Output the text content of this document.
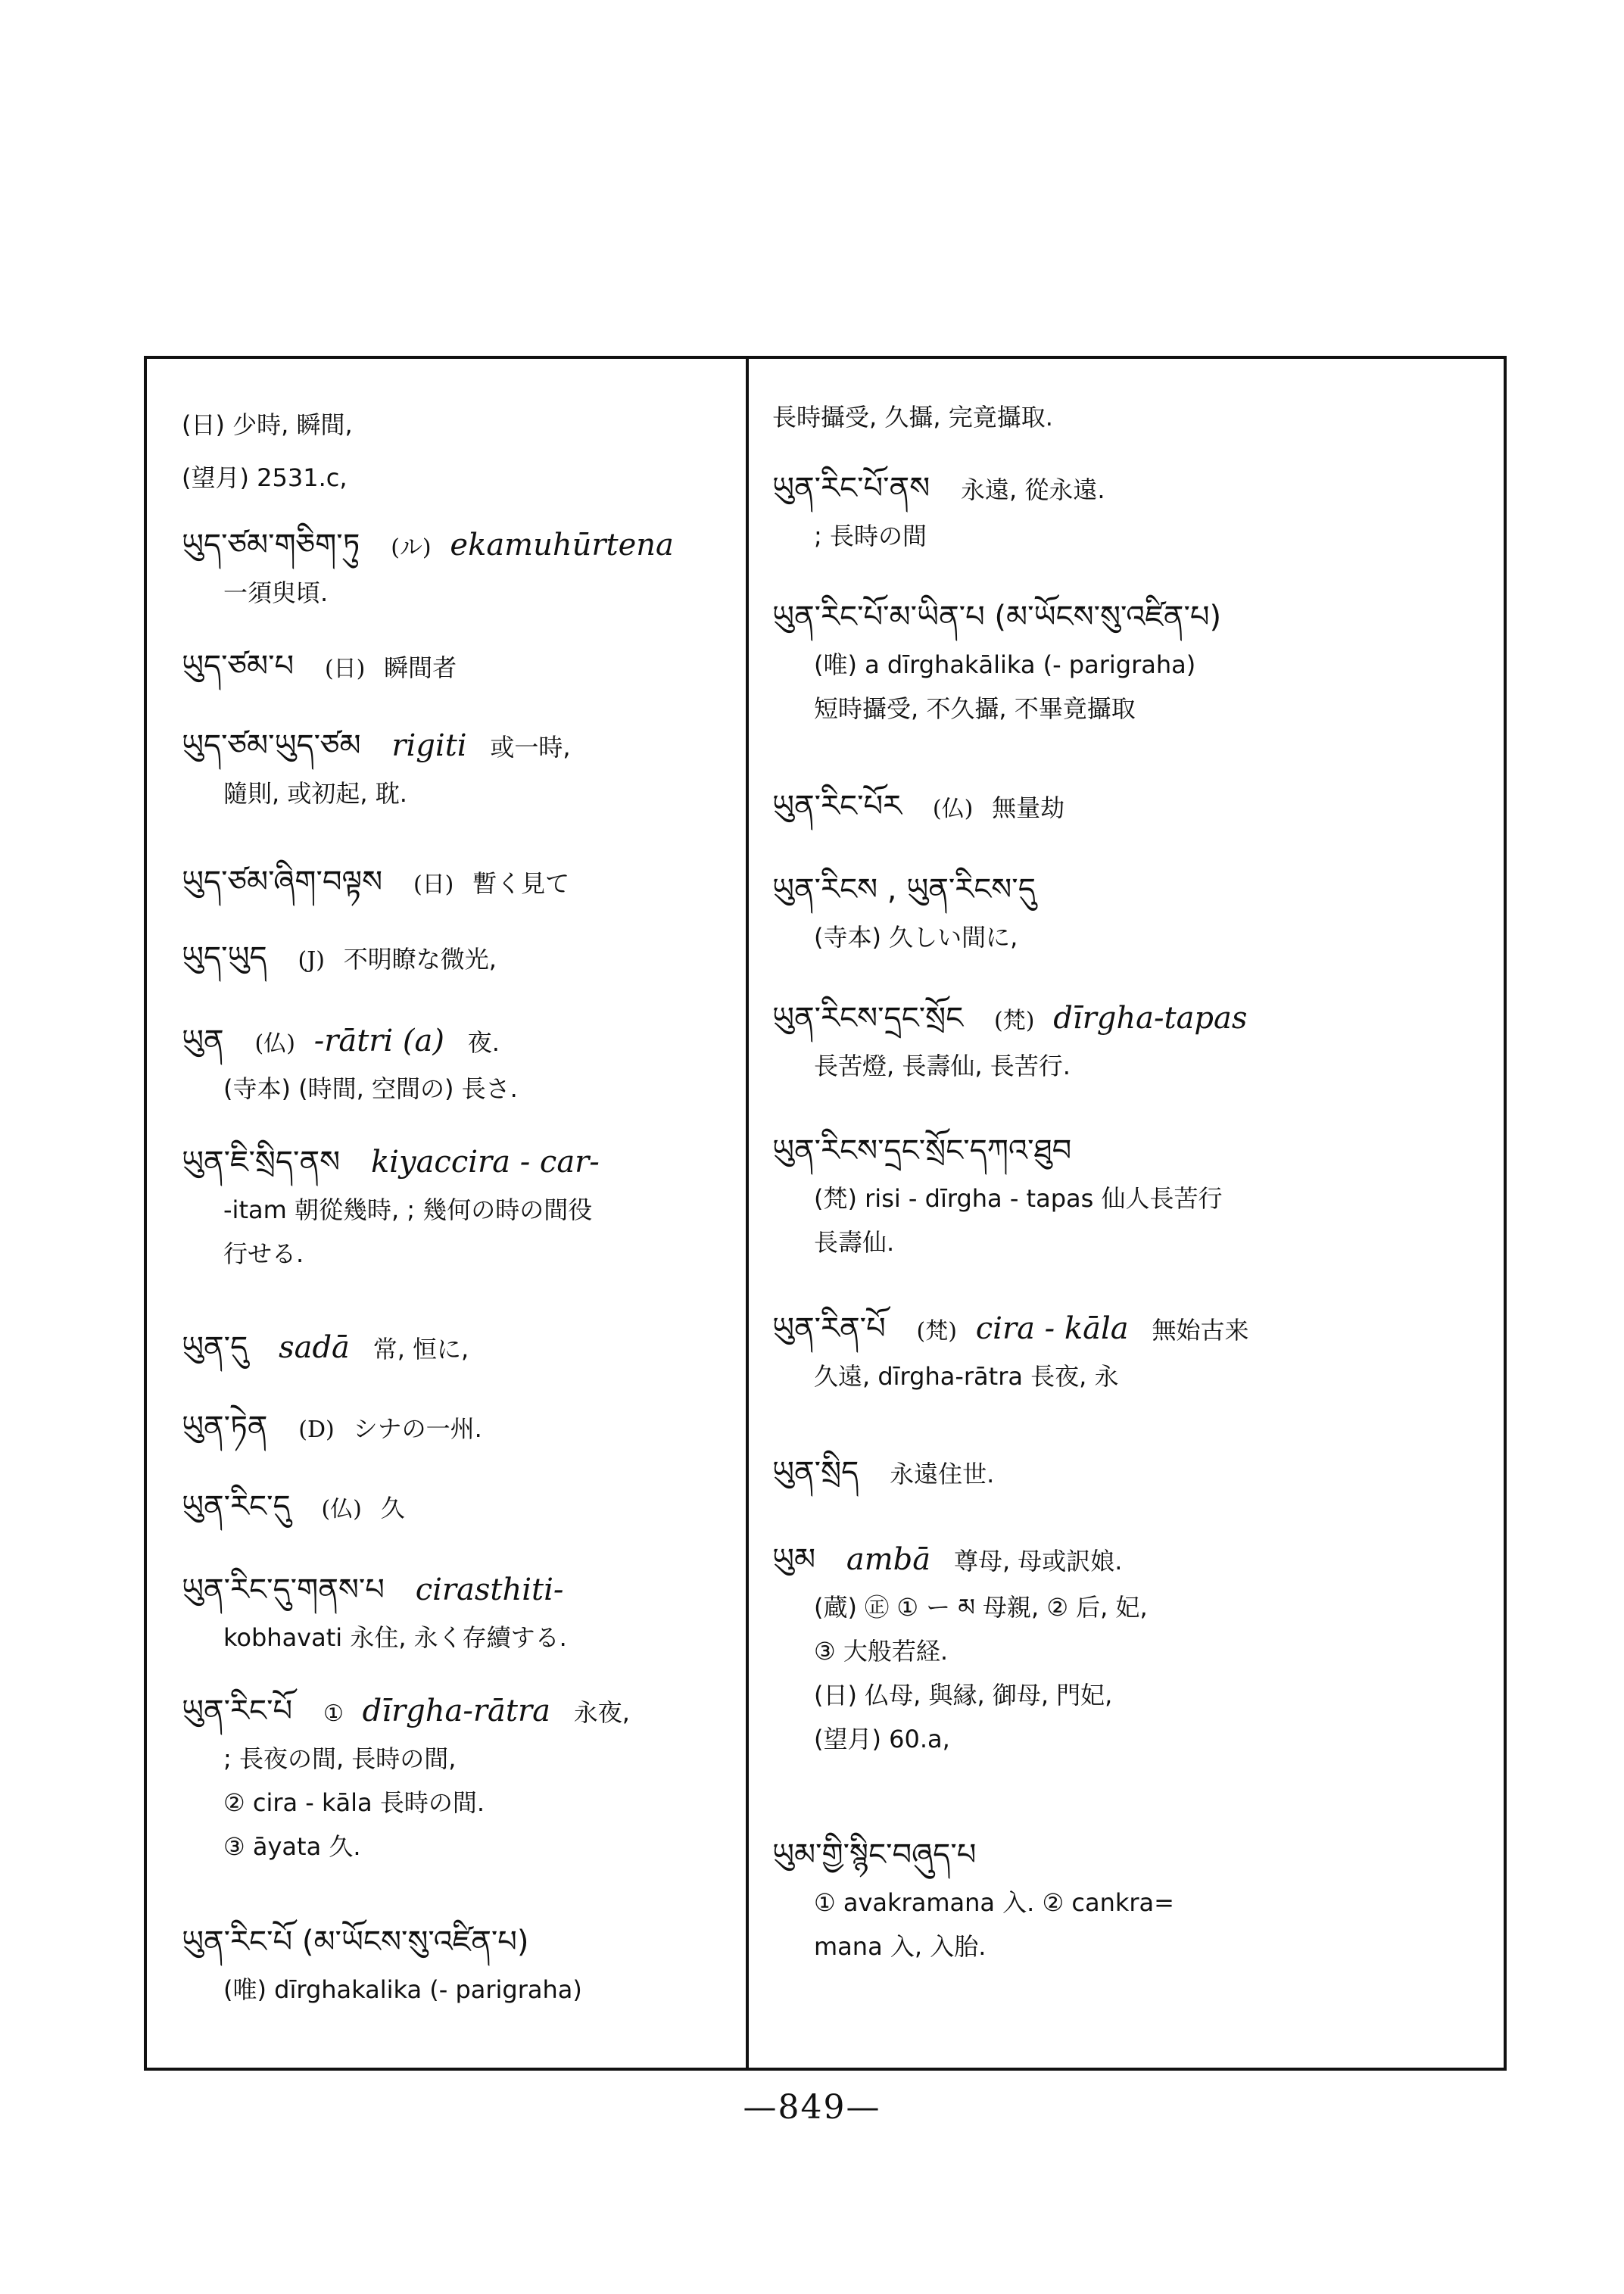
(日) 少時, 瞬間,
(望月) 2531.c,
ཡུད་ཙམ་གཅིག་ཏུ (ル) ekamuhūrtena
一須臾頃.
ཡུད་ཙམ་པ (日) 瞬間者
ཡུད་ཙམ་ཡུད་ཙམ rigiti 或一時,
隨則, 或初起, 耽.
ཡུད་ཙམ་ཞིག་བལྟས (日) 暫く見て
ཡུད་ཡུད (J) 不明瞭な微光,
ཡུན (仏) -rātri (a) 夜.
(寺本) (時間, 空間の) 長さ.
ཡུན་ཇི་སྲིད་ནས kiyaccira - car-
-itam 朝從幾時, ; 幾何の時の間役
行せる.
ཡུན་དུ sadā 常, 恒に,
ཡུན་ཏེན (D) シナの一州.
ཡུན་རིང་དུ (仏) 久
ཡུན་རིང་དུ་གནས་པ cirasthiti-
kobhavati 永住, 永く存續する.
ཡུན་རིང་པོ ① dīrgha-rātra 永夜,
; 長夜の間, 長時の間,
② cira - kāla 長時の間.
③ āyata 久.
ཡུན་རིང་པོ (མ་ཡོངས་སུ་འཛིན་པ)
(唯) dīrghakalika (- parigraha)
長時攝受, 久攝, 完竟攝取.
ཡུན་རིང་པོ་ནས 永遠, 從永遠.
; 長時の間
ཡུན་རིང་པོ་མ་ཡིན་པ (མ་ཡོངས་སུ་འཛིན་པ)
(唯) a dīrghakālika (- parigraha)
短時攝受, 不久攝, 不畢竟攝取
ཡུན་རིང་པོར (仏) 無量劫
ཡུན་རིངས , ཡུན་རིངས་དུ
(寺本) 久しい間に,
ཡུན་རིངས་དྲང་སྲོང (梵) dīrgha-tapas
長苦燈, 長壽仙, 長苦行.
ཡུན་རིངས་དྲང་སྲོང་དཀའ་ཐུབ
(梵) risi - dīrgha - tapas 仙人長苦行
長壽仙.
ཡུན་རིན་པོ (梵) cira - kāla 無始古来
久遠, dīrgha-rātra 長夜, 永
ཡུན་སྲིད 永遠住世.
ཡུམ ambā 尊母, 母或訳娘.
(蔵) ㊣ ① ー མ 母親, ② 后, 妃,
③ 大般若経.
(日) 仏母, 與縁, 御母, 門妃,
(望月) 60.a,
ཡུམ་གྱི་སྙིང་བཞུད་པ
① avakramana 入. ② cankra=
mana 入, 入胎.
—849—
